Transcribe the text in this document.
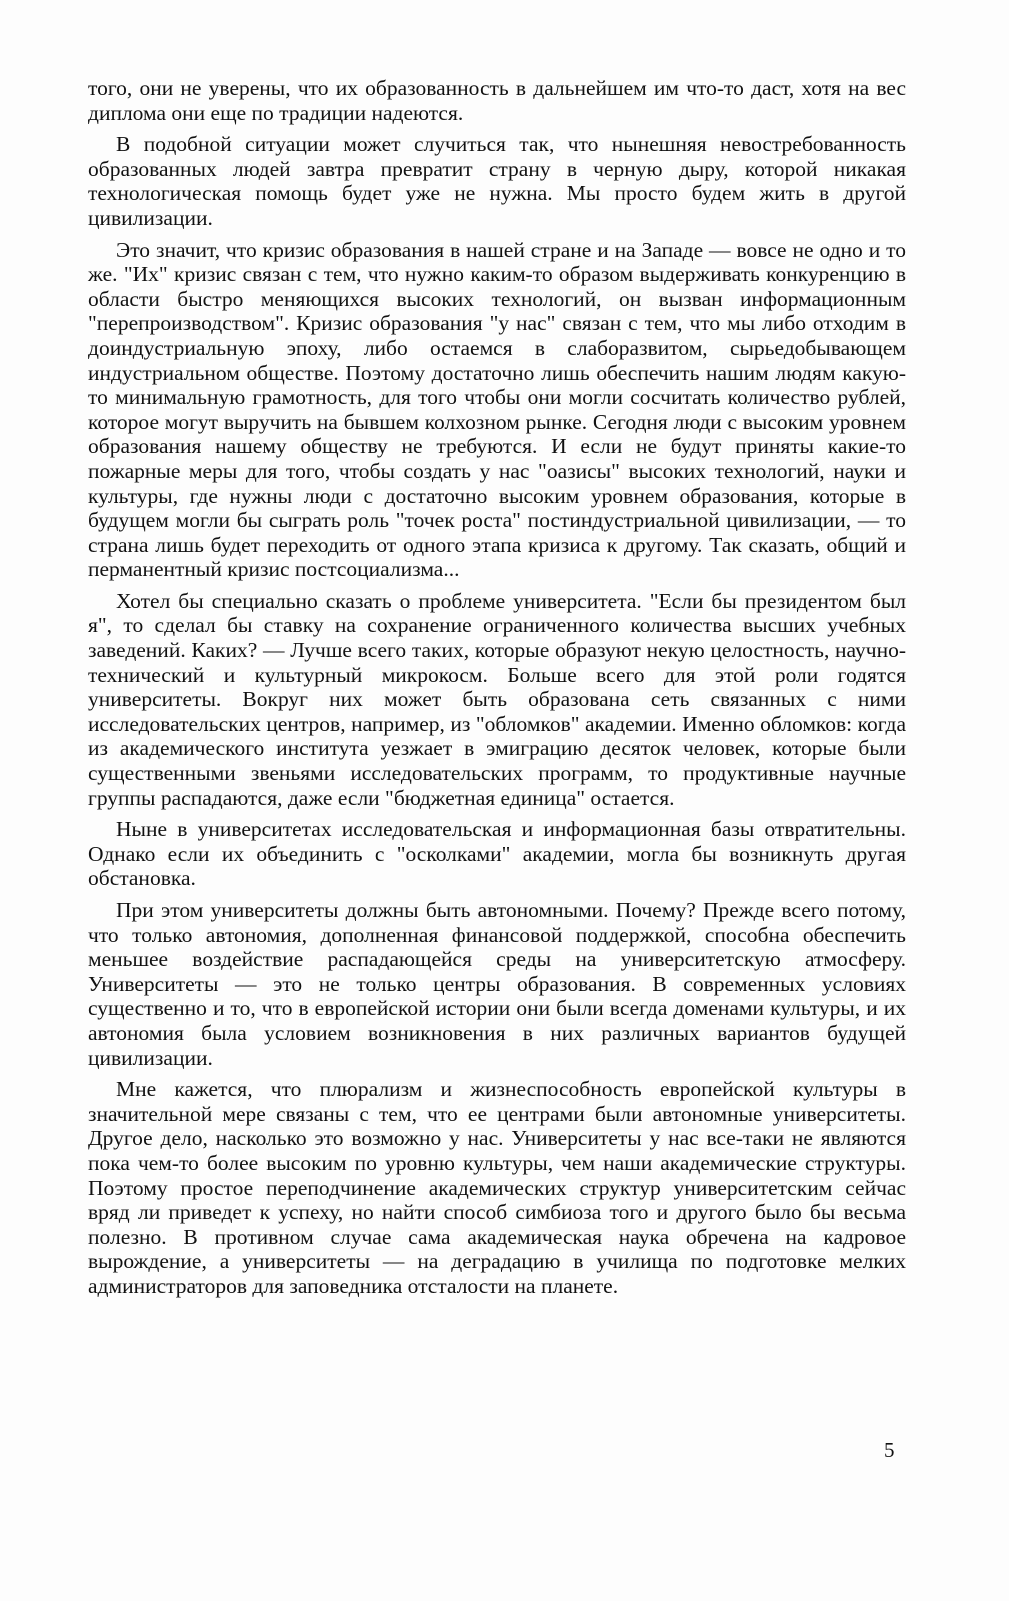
того, они не уверены, что их образованность в дальнейшем им что-то даст, хотя на вес диплома они еще по традиции надеются.

В подобной ситуации может случиться так, что нынешняя невостребованность образованных людей завтра превратит страну в черную дыру, которой никакая технологическая помощь будет уже не нужна. Мы просто будем жить в другой цивилизации.

Это значит, что кризис образования в нашей стране и на Западе — вовсе не одно и то же. "Их" кризис связан с тем, что нужно каким-то образом выдерживать конкуренцию в области быстро меняющихся высоких технологий, он вызван информационным "перепроизводством". Кризис образования "у нас" связан с тем, что мы либо отходим в доиндустриальную эпоху, либо остаемся в слаборазвитом, сырьедобывающем индустриальном обществе. Поэтому достаточно лишь обеспечить нашим людям какую-то минимальную грамотность, для того чтобы они могли сосчитать количество рублей, которое могут выручить на бывшем колхозном рынке. Сегодня люди с высоким уровнем образования нашему обществу не требуются. И если не будут приняты какие-то пожарные меры для того, чтобы создать у нас "оазисы" высоких технологий, науки и культуры, где нужны люди с достаточно высоким уровнем образования, которые в будущем могли бы сыграть роль "точек роста" постиндустриальной цивилизации, — то страна лишь будет переходить от одного этапа кризиса к другому. Так сказать, общий и перманентный кризис постсоциализма...

Хотел бы специально сказать о проблеме университета. "Если бы президентом был я", то сделал бы ставку на сохранение ограниченного количества высших учебных заведений. Каких? — Лучше всего таких, которые образуют некую целостность, научно-технический и культурный микрокосм. Больше всего для этой роли годятся университеты. Вокруг них может быть образована сеть связанных с ними исследовательских центров, например, из "обломков" академии. Именно обломков: когда из академического института уезжает в эмиграцию десяток человек, которые были существенными звеньями исследовательских программ, то продуктивные научные группы распадаются, даже если "бюджетная единица" остается.

Ныне в университетах исследовательская и информационная базы отвратительны. Однако если их объединить с "осколками" академии, могла бы возникнуть другая обстановка.

При этом университеты должны быть автономными. Почему? Прежде всего потому, что только автономия, дополненная финансовой поддержкой, способна обеспечить меньшее воздействие распадающейся среды на университетскую атмосферу. Университеты — это не только центры образования. В современных условиях существенно и то, что в европейской истории они были всегда доменами культуры, и их автономия была условием возникновения в них различных вариантов будущей цивилизации.

Мне кажется, что плюрализм и жизнеспособность европейской культуры в значительной мере связаны с тем, что ее центрами были автономные университеты. Другое дело, насколько это возможно у нас. Университеты у нас все-таки не являются пока чем-то более высоким по уровню культуры, чем наши академические структуры. Поэтому простое переподчинение академических структур университетским сейчас вряд ли приведет к успеху, но найти способ симбиоза того и другого было бы весьма полезно. В противном случае сама академическая наука обречена на кадровое вырождение, а университеты — на деградацию в училища по подготовке мелких администраторов для заповедника отсталости на планете.

5
